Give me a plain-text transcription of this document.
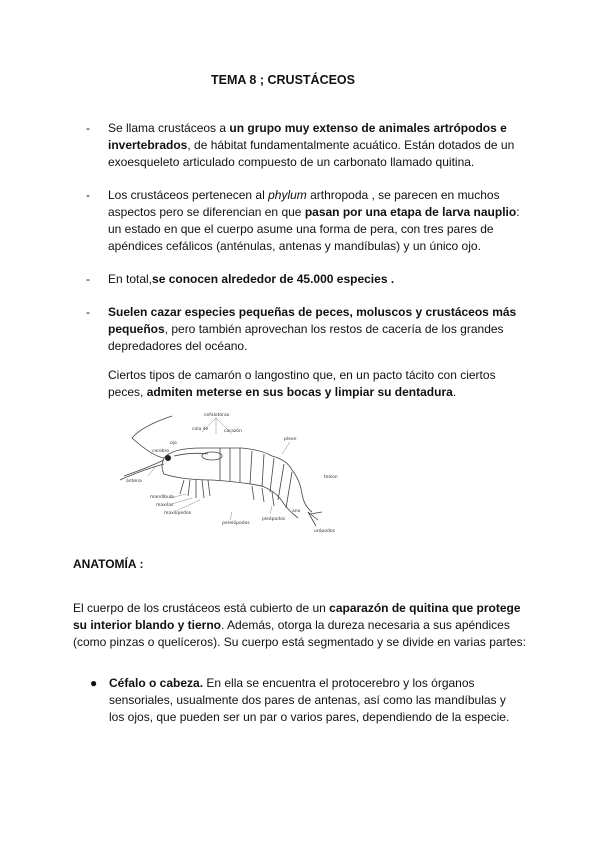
TEMA 8 ; CRUSTÁCEOS
- Se llama crustáceos a un grupo muy extenso de animales artrópodos e invertebrados, de hábitat fundamentalmente acuático. Están dotados de un exoesqueleto articulado compuesto de un carbonato llamado quitina.
- Los crustáceos pertenecen al phylum arthropoda , se parecen en muchos aspectos pero se diferencian en que pasan por una etapa de larva nauplio: un estado en que el cuerpo asume una forma de pera, con tres pares de apéndices cefálicos (anténulas, antenas y mandíbulas) y un único ojo.
- En total,se conocen alrededor de 45.000 especies .
- Suelen cazar especies pequeñas de peces, moluscos y crustáceos más pequeños, pero también aprovechan los restos de cacería de los grandes depredadores del océano.
Ciertos tipos de camarón o langostino que, en un pacto tácito con ciertos peces, admiten meterse en sus bocas y limpiar su dentadura.
cefalotórax
cola de	corazón
ojo
cerebro
antena
mandíbula
maxilas
maxilípedos
pereiópodos
pleon
pleópodos
telson
urópodos
ano
ANATOMÍA :
El cuerpo de los crustáceos está cubierto de un caparazón de quitina que protege su interior blando y tierno. Además, otorga la dureza necesaria a sus apéndices (como pinzas o quelíceros). Su cuerpo está segmentado y se divide en varias partes:
● Céfalo o cabeza. En ella se encuentra el protocerebro y los órganos sensoriales, usualmente dos pares de antenas, así como las mandíbulas y los ojos, que pueden ser un par o varios pares, dependiendo de la especie.
